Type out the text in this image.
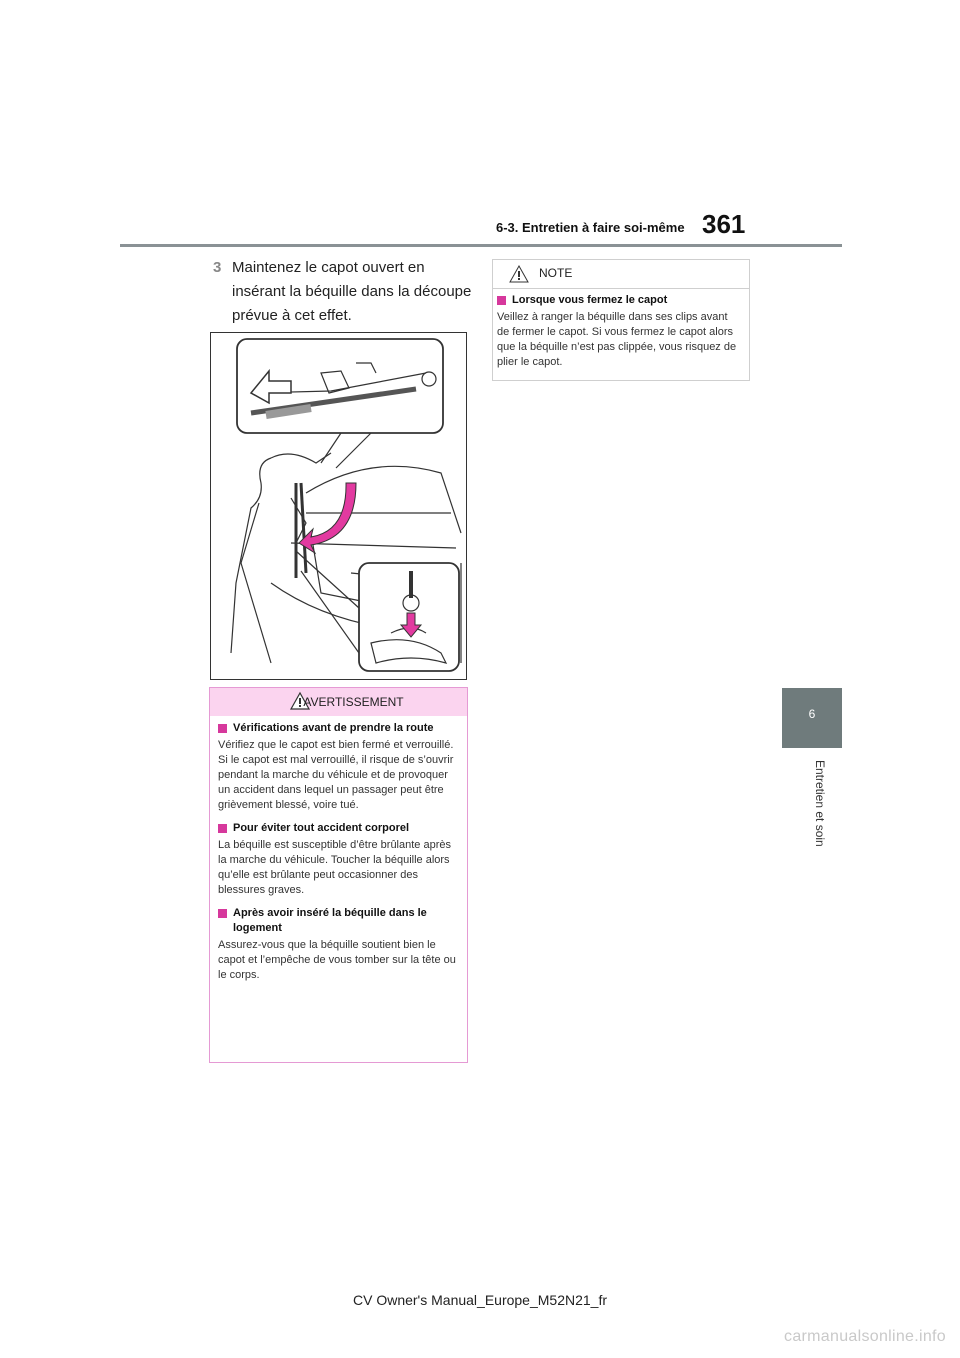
6-3. Entretien à faire soi-même 361
6
Entretien et soin
3 Maintenez le capot ouvert en insérant la béquille dans la découpe prévue à cet effet.
AVERTISSEMENT
Vérifications avant de prendre la route

Vérifiez que le capot est bien fermé et verrouillé.
Si le capot est mal verrouillé, il risque de s’ouvrir pendant la marche du véhicule et de provoquer un accident dans lequel un passager peut être grièvement blessé, voire tué.

Pour éviter tout accident corporel

La béquille est susceptible d’être brûlante après la marche du véhicule. Toucher la béquille alors qu’elle est brûlante peut occasionner des blessures graves.

Après avoir inséré la béquille dans le logement

Assurez-vous que la béquille soutient bien le capot et l’empêche de vous tomber sur la tête ou le corps.

NOTE
Lorsque vous fermez le capot

Veillez à ranger la béquille dans ses clips avant de fermer le capot. Si vous fermez le capot alors que la béquille n’est pas clippée, vous risquez de plier le capot.

CV Owner's Manual_Europe_M52N21_fr
carmanualsonline.info
